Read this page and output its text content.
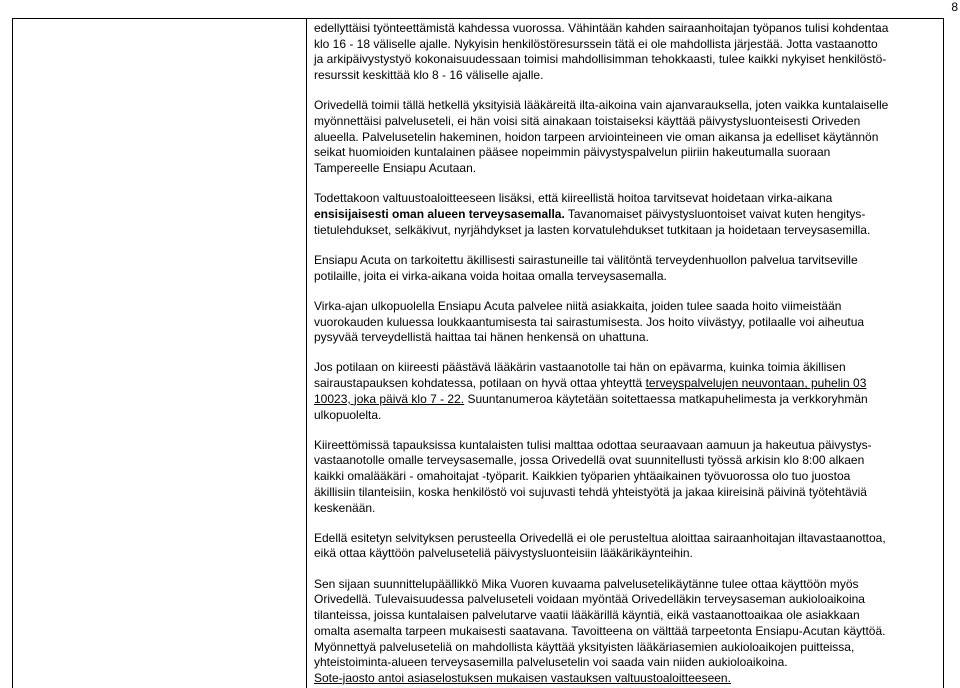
8

edellyttäisi työnteettämistä kahdessa vuorossa. Vähintään kahden sairaanhoitajan työpanos tulisi kohdentaa
klo 16 - 18 väliselle ajalle. Nykyisin henkilöstöresurssein tätä ei ole mahdollista järjestää. Jotta vastaanotto
ja arkipäivystystyö kokonaisuudessaan toimisi mahdollisimman tehokkaasti, tulee kaikki nykyiset henkilöstö-
resurssit keskittää klo 8 - 16 väliselle ajalle.

Orivedellä toimii tällä hetkellä yksityisiä lääkäreitä ilta-aikoina vain ajanvarauksella, joten vaikka kuntalaiselle
myönnettäisi palveluseteli, ei hän voisi sitä ainakaan toistaiseksi käyttää päivystysluonteisesti Oriveden
alueella. Palvelusetelin hakeminen, hoidon tarpeen arviointeineen vie oman aikansa ja edelliset käytännön
seikat huomioiden kuntalainen pääsee nopeimmin päivystyspalvelun piiriin hakeutumalla suoraan
Tampereelle Ensiapu Acutaan.

Todettakoon valtuustoaloitteeseen lisäksi, että kiireellistä hoitoa tarvitsevat hoidetaan virka-aikana
ensisijaisesti oman alueen terveysasemalla. Tavanomaiset päivystysluontoiset vaivat kuten hengitys-
tietulehdukset, selkäkivut, nyrjähdykset ja lasten korvatulehdukset tutkitaan ja hoidetaan terveysasemilla.

Ensiapu Acuta on tarkoitettu äkillisesti sairastuneille tai välitöntä terveydenhuollon palvelua tarvitseville
potilaille, joita ei virka-aikana voida hoitaa omalla terveysasemalla.

Virka-ajan ulkopuolella Ensiapu Acuta palvelee niitä asiakkaita, joiden tulee saada hoito viimeistään
vuorokauden kuluessa loukkaantumisesta tai sairastumisesta. Jos hoito viivästyy, potilaalle voi aiheutua
pysyvää terveydellistä haittaa tai hänen henkensä on uhattuna.

Jos potilaan on kiireesti päästävä lääkärin vastaanotolle tai hän on epävarma, kuinka toimia äkillisen
sairaustapauksen kohdatessa, potilaan on hyvä ottaa yhteyttä terveyspalvelujen neuvontaan, puhelin 03
10023, joka päivä klo 7 - 22. Suuntanumeroa käytetään soitettaessa matkapuhelimesta ja verkkoryhmän
ulkopuolelta.

Kiireettömissä tapauksissa kuntalaisten tulisi malttaa odottaa seuraavaan aamuun ja hakeutua päivystys-
vastaanotolle omalle terveysasemalle, jossa Orivedellä ovat suunnitellusti työssä arkisin klo 8:00 alkaen
kaikki omalääkäri - omahoitajat -työparit. Kaikkien työparien yhtäaikainen työvuorossa olo tuo juostoa
äkillisiin tilanteisiin, koska henkilöstö voi sujuvasti tehdä yhteistyötä ja jakaa kiireisinä päivinä työtehtäviä
keskenään.

Edellä esitetyn selvityksen perusteella Orivedellä ei ole perusteltua aloittaa sairaanhoitajan iltavastaanottoa,
eikä ottaa käyttöön palveluseteliä päivystysluonteisiin lääkärikäynteihin.

Sen sijaan suunnittelupäällikkö Mika Vuoren kuvaama palvelusetelikäytänne tulee ottaa käyttöön myös
Orivedellä. Tulevaisuudessa palveluseteli voidaan myöntää Orivedelläkin terveysaseman aukioloaikoina
tilanteissa, joissa kuntalaisen palvelutarve vaatii lääkärillä käyntiä, eikä vastaanottoaikaa ole asiakkaan
omalta asemalta tarpeen mukaisesti saatavana. Tavoitteena on välttää tarpeetonta Ensiapu-Acutan käyttöä.
Myönnettyä palveluseteliä on mahdollista käyttää yksityisten lääkäriasemien aukioloaikojen puitteissa,
yhteistoiminta-alueen terveysasemilla palvelusetelin voi saada vain niiden aukioloaikoina.
Sote-jaosto antoi asiaselostuksen mukaisen vastauksen valtuustoaloitteeseen.
